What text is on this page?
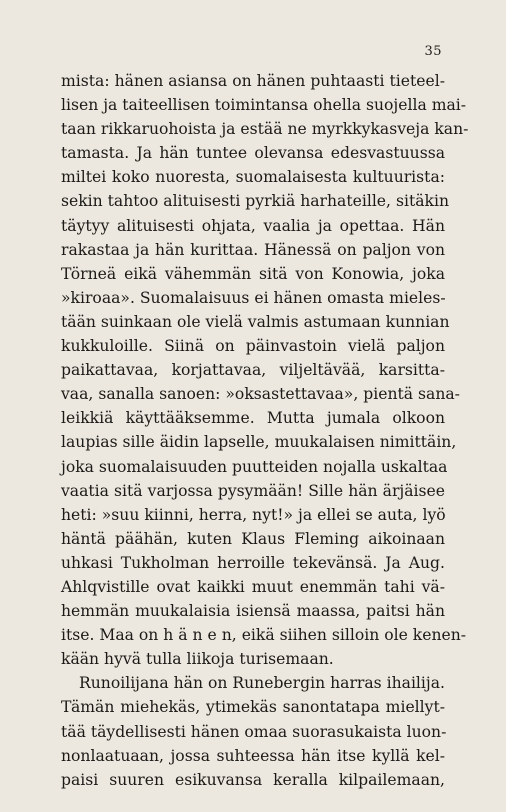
35
mista: hänen asiansa on hänen puhtaasti tieteel-
lisen ja taiteellisen toimintansa ohella suojella mai-
taan rikkaruohoista ja estää ne myrkkykasveja kan-
tamasta. Ja hän tuntee olevansa edesvastuussa
miltei koko nuoresta, suomalaisesta kultuurista:
sekin tahtoo alituisesti pyrkiä harhateille, sitäkin
täytyy alituisesti ohjata, vaalia ja opettaa. Hän
rakastaa ja hän kurittaa. Hänessä on paljon von
Törneä eikä vähemmän sitä von Konowia, joka
»kiroaa». Suomalaisuus ei hänen omasta mieles-
tään suinkaan ole vielä valmis astumaan kunnian
kukkuloille. Siinä on päinvastoin vielä paljon
paikattavaa, korjattavaa, viljeltävää, karsitta-
vaa, sanalla sanoen: »oksastettavaa», pientä sana-
leikkiä käyttääksemme. Mutta jumala olkoon
laupias sille äidin lapselle, muukalaisen nimittäin,
joka suomalaisuuden puutteiden nojalla uskaltaa
vaatia sitä varjossa pysymään! Sille hän ärjäisee
heti: »suu kiinni, herra, nyt!» ja ellei se auta, lyö
häntä päähän, kuten Klaus Fleming aikoinaan
uhkasi Tukholman herroille tekevänsä. Ja Aug.
Ahlqvistille ovat kaikki muut enemmän tahi vä-
hemmän muukalaisia isiensä maassa, paitsi hän
itse. Maa on h ä n e n, eikä siihen silloin ole kenen-
kään hyvä tulla liikoja turisemaan.
Runoilijana hän on Runebergin harras ihailija.
Tämän miehekäs, ytimekäs sanontatapa miellyt-
tää täydellisesti hänen omaa suorasukaista luon-
nonlaatuaan, jossa suhteessa hän itse kyllä kel-
paisi suuren esikuvansa keralla kilpailemaan,
